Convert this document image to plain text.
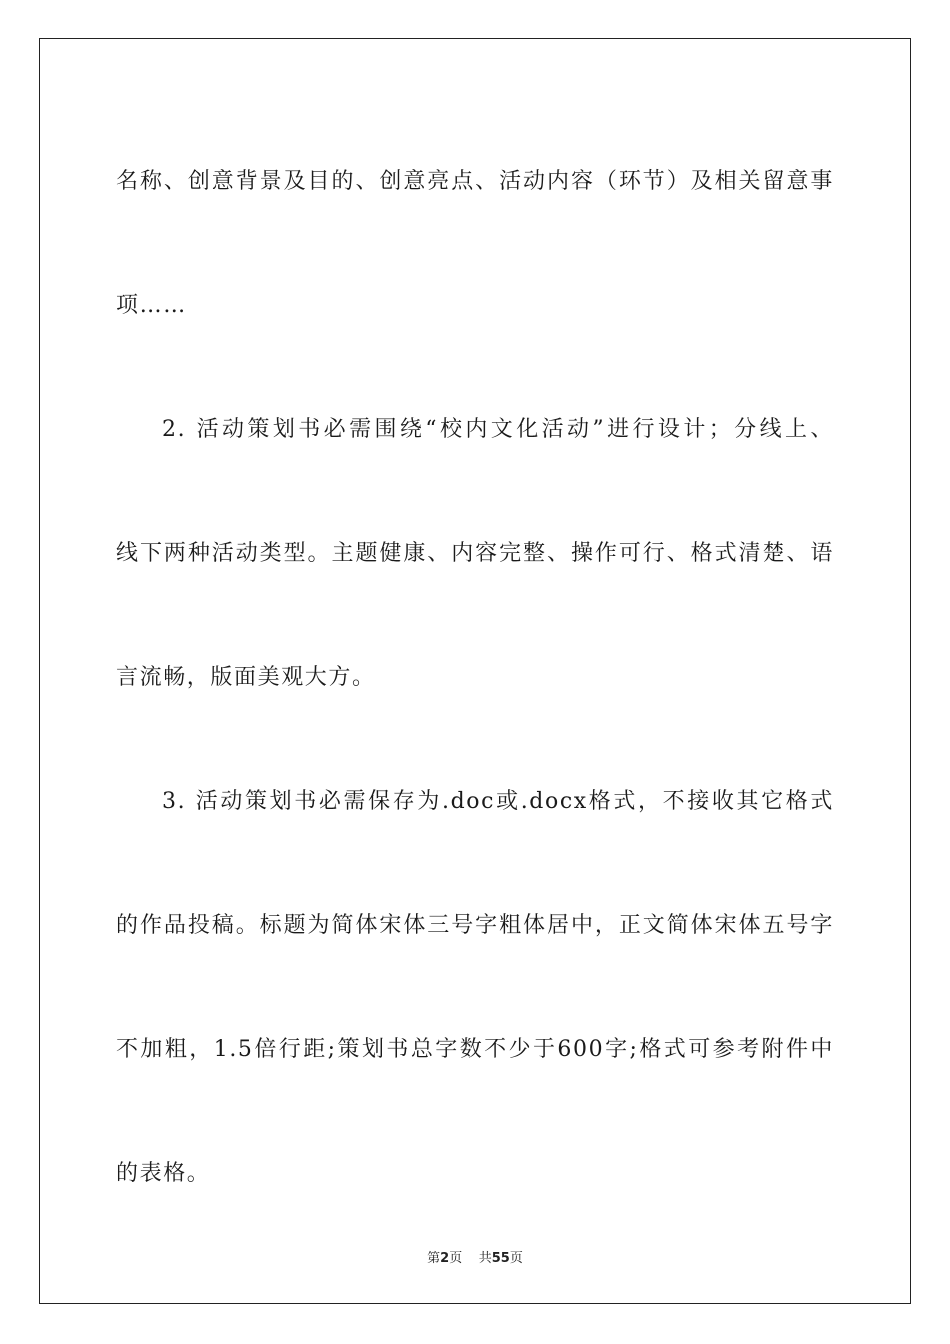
名称、创意背景及目的、创意亮点、活动内容（环节）及相关留意事
项……

2. 活动策划书必需围绕“校内文化活动”进行设计；分线上、
线下两种活动类型。主题健康、内容完整、操作可行、格式清楚、语
言流畅，版面美观大方。

3. 活动策划书必需保存为.doc或.docx格式，不接收其它格式
的作品投稿。标题为简体宋体三号字粗体居中，正文简体宋体五号字
不加粗，1.5倍行距;策划书总字数不少于600字;格式可参考附件中
的表格。

第2页    共55页
